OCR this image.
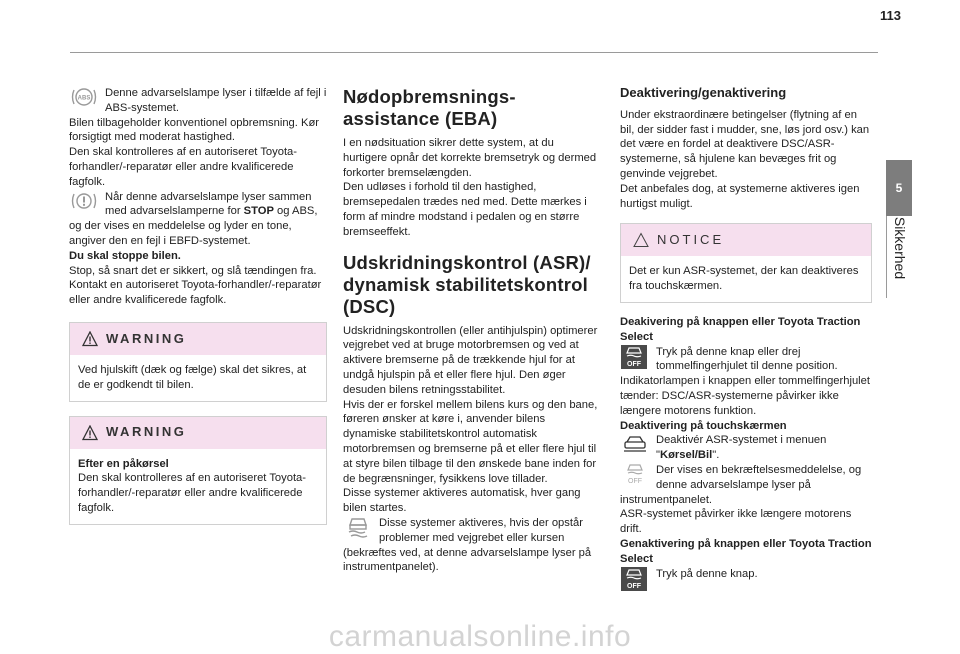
113
5
Sikkerhed
ABS	Denne advarselslampe lyser i tilfælde af fejl i ABS-systemet.

Bilen tilbageholder konventionel opbremsning. Kør forsigtigt med moderat hastighed.

Den skal kontrolleres af en autoriseret Toyota-forhandler/-reparatør eller andre kvalificerede fagfolk.

Når denne advarselslampe lyser sammen med advarselslamperne for STOP og ABS, og der vises en meddelelse og lyder en tone, angiver den en fejl i EBFD-systemet.

Du skal stoppe bilen.

Stop, så snart det er sikkert, og slå tændingen fra.

Kontakt en autoriseret Toyota-forhandler/-reparatør eller andre kvalificerede fagfolk.

WARNING

Ved hjulskift (dæk og fælge) skal det sikres, at de er godkendt til bilen.

WARNING

Efter en påkørsel

Den skal kontrolleres af en autoriseret Toyota-forhandler/-reparatør eller andre kvalificerede fagfolk.

Nødopbremsnings-assistance (EBA)

I en nødsituation sikrer dette system, at du hurtigere opnår det korrekte bremsetryk og dermed forkorter bremselængden.

Den udløses i forhold til den hastighed, bremsepedalen trædes ned med. Dette mærkes i form af mindre modstand i pedalen og en større bremseeffekt.

Udskridningskontrol (ASR)/ dynamisk stabilitetskontrol (DSC)

Udskridningskontrollen (eller antihjulspin) optimerer vejgrebet ved at bruge motorbremsen og ved at aktivere bremserne på de trækkende hjul for at undgå hjulspin på et eller flere hjul. Den øger desuden bilens retningsstabilitet.

Hvis der er forskel mellem bilens kurs og den bane, føreren ønsker at køre i, anvender bilens dynamiske stabilitetskontrol automatisk motorbremsen og bremserne på et eller flere hjul til at styre bilen tilbage til den ønskede bane inden for de begrænsninger, fysikkens love tillader.

Disse systemer aktiveres automatisk, hver gang bilen startes.

Disse systemer aktiveres, hvis der opstår problemer med vejgrebet eller kursen (bekræftes ved, at denne advarselslampe lyser på instrumentpanelet).

Deaktivering/genaktivering

Under ekstraordinære betingelser (flytning af en bil, der sidder fast i mudder, sne, løs jord osv.) kan det være en fordel at deaktivere DSC/ASR-systemerne, så hjulene kan bevæges frit og genvinde vejgrebet.

Det anbefales dog, at systemerne aktiveres igen hurtigst muligt.

NOTICE

Det er kun ASR-systemet, der kan deaktiveres fra touchskærmen.

Deakivering på knappen eller Toyota Traction Select

OFF

Tryk på denne knap eller drej tommelfingerhjulet til denne position.

Indikatorlampen i knappen eller tommelfingerhjulet tænder: DSC/ASR-systemerne påvirker ikke længere motorens funktion.

Deaktivering på touchskærmen

Deaktivér ASR-systemet i menuen "Kørsel/Bil".

OFF

Der vises en bekræftelsesmeddelelse, og denne advarselslampe lyser på instrumentpanelet.

ASR-systemet påvirker ikke længere motorens drift.

Genaktivering på knappen eller Toyota Traction Select

OFF

Tryk på denne knap.

carmanualsonline.info
